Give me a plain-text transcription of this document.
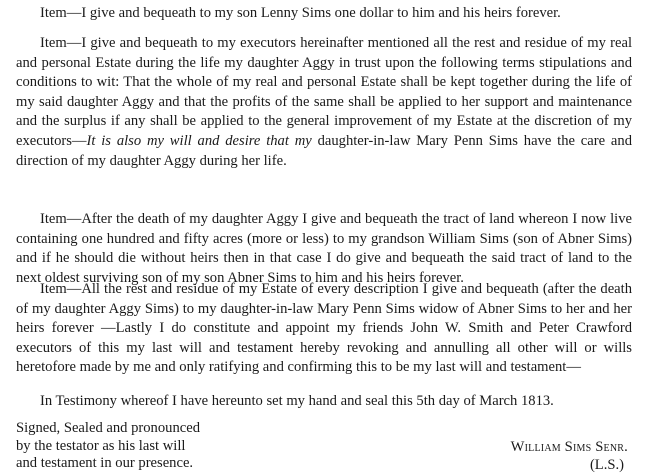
Item—I give and bequeath to my son Lenny Sims one dollar to him and his heirs forever.

Item—I give and bequeath to my executors hereinafter mentioned all the rest and residue of my real and personal Estate during the life my daughter Aggy in trust upon the following terms stipulations and conditions to wit: That the whole of my real and personal Estate shall be kept together during the life of my said daughter Aggy and that the profits of the same shall be applied to her support and maintenance and the surplus if any shall be applied to the general improvement of my Estate at the discretion of my executors—It is also my will and desire that my daughter-in-law Mary Penn Sims have the care and direction of my daughter Aggy during her life.

Item—After the death of my daughter Aggy I give and bequeath the tract of land whereon I now live containing one hundred and fifty acres (more or less) to my grandson William Sims (son of Abner Sims) and if he should die without heirs then in that case I do give and bequeath the said tract of land to the next oldest surviving son of my son Abner Sims to him and his heirs forever.

Item—All the rest and residue of my Estate of every description I give and bequeath (after the death of my daughter Aggy Sims) to my daughter-in-law Mary Penn Sims widow of Abner Sims to her and her heirs forever —Lastly I do constitute and appoint my friends John W. Smith and Peter Crawford executors of this my last will and testament hereby revoking and annulling all other will or wills heretofore made by me and only ratifying and confirming this to be my last will and testament—

In Testimony whereof I have hereunto set my hand and seal this 5th day of March 1813.

Signed, Sealed and pronounced
by the testator as his last will
and testament in our presence.

William Sims Senr.
(L.S.)
